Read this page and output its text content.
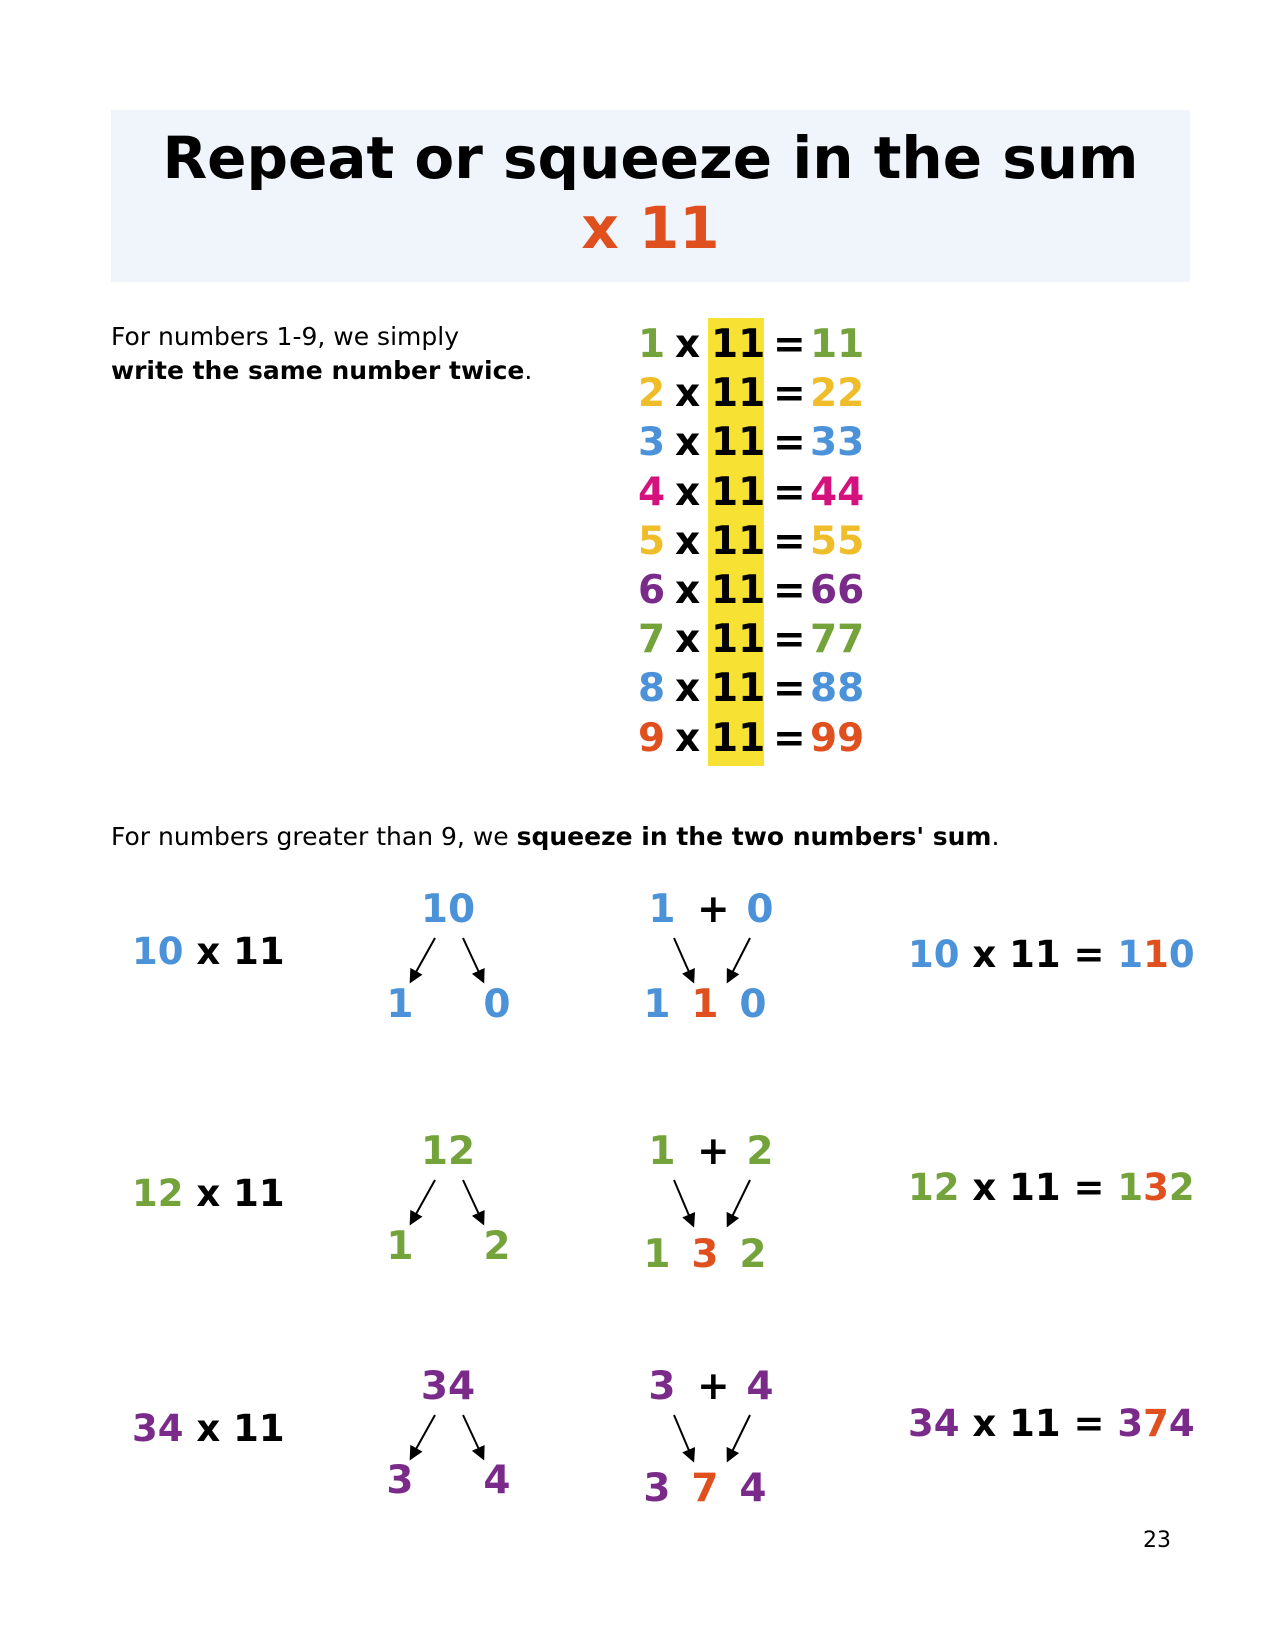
Repeat or squeeze in the sum
x 11
For numbers 1-9, we simply
write the same number twice.
1 x 11 = 11
2 x 11 = 22
3 x 11 = 33
4 x 11 = 44
5 x 11 = 55
6 x 11 = 66
7 x 11 = 77
8 x 11 = 88
9 x 11 = 99
For numbers greater than 9, we squeeze in the two numbers' sum.
10 x 11
10
1 0
1 + 0
1 1 0
10 x 11 = 110
12 x 11
12
1 2
1 + 2
1 3 2
12 x 11 = 132
34 x 11
34
3 4
3 + 4
3 7 4
34 x 11 = 374
23
